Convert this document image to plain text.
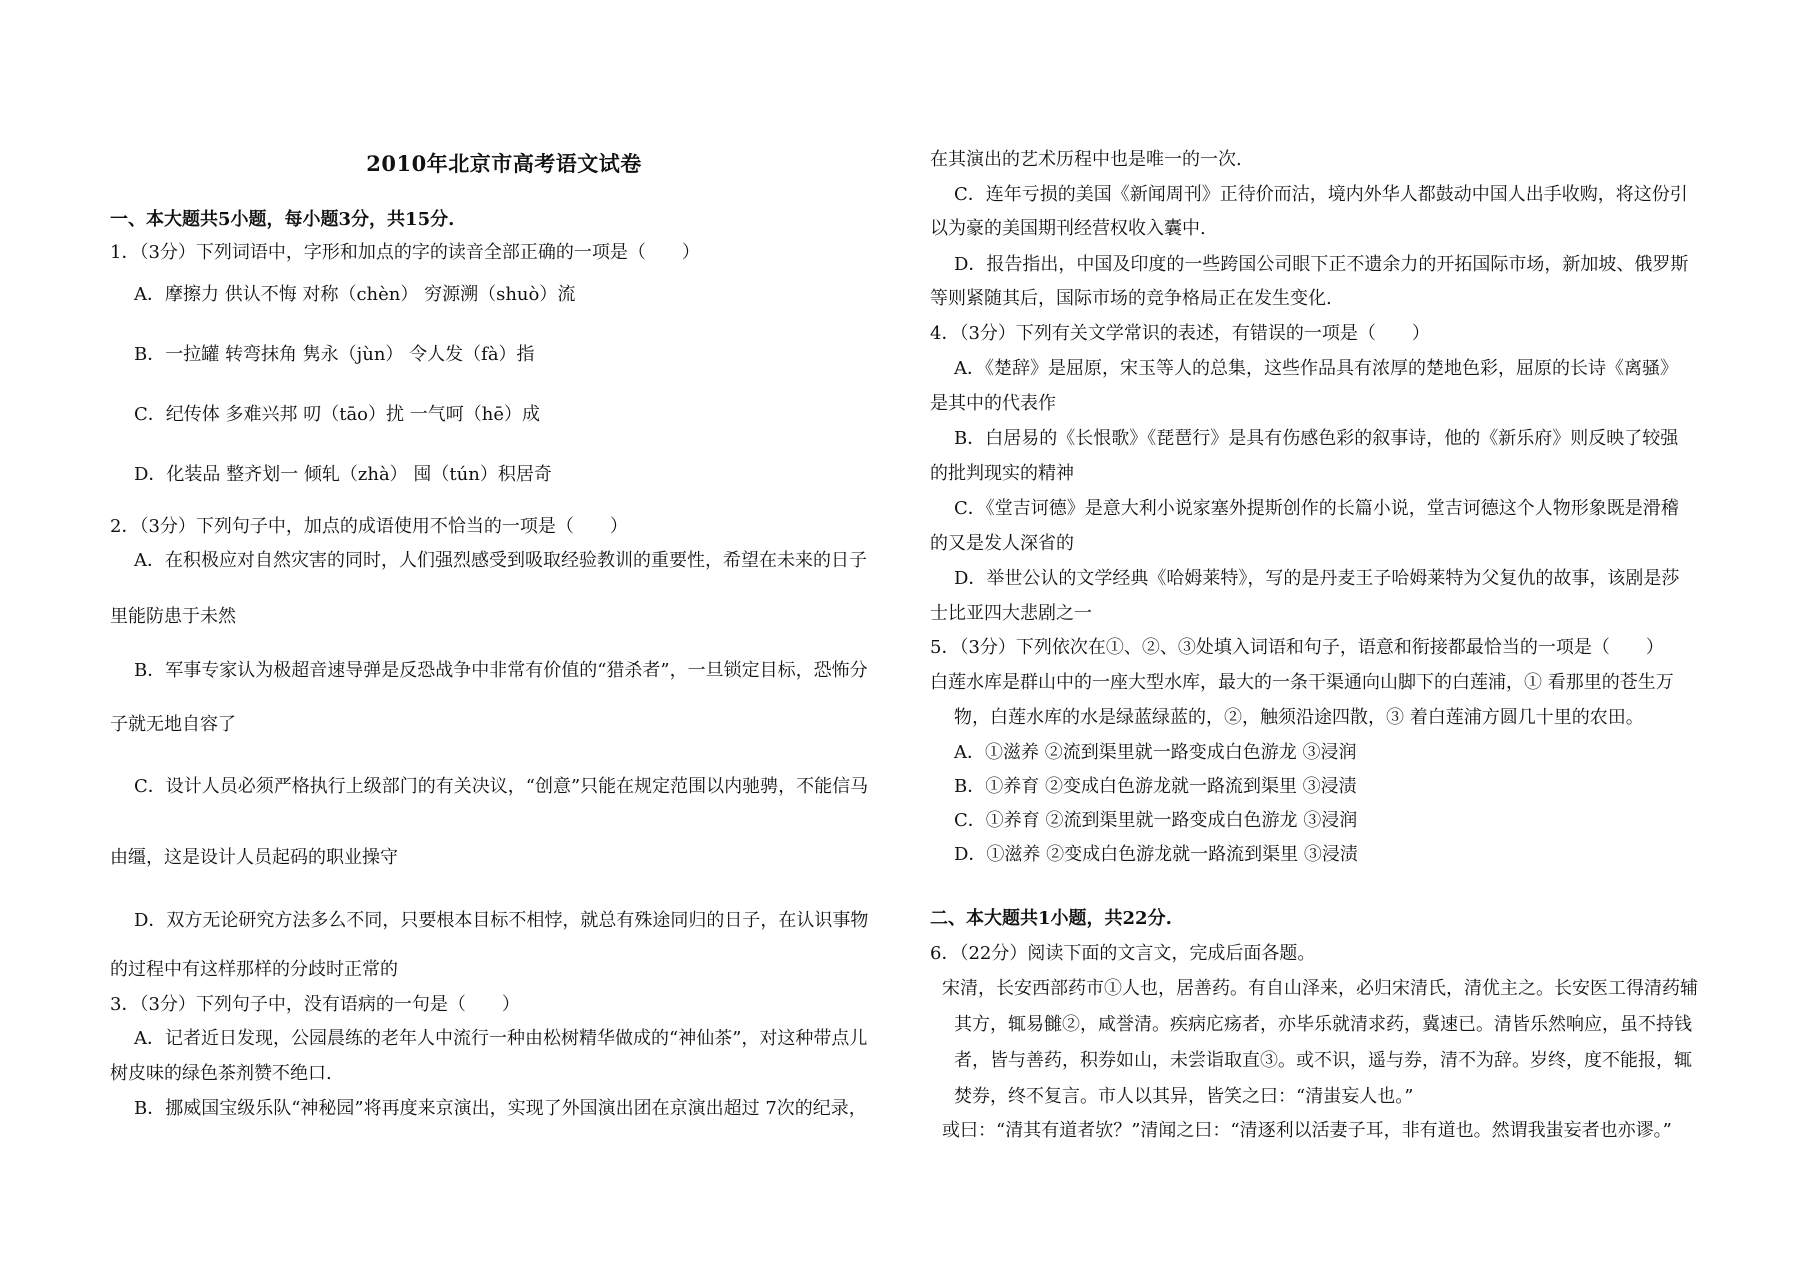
2010年北京市高考语文试卷
一、本大题共5小题，每小题3分，共15分.
1．（3分）下列词语中，字形和加点的字的读音全部正确的一项是（　　）
A．摩擦力 供认不悔 对称（chèn） 穷源溯（shuò）流
B．一拉罐 转弯抹角 隽永（jùn） 令人发（fà）指
C．纪传体 多难兴邦 叨（tāo）扰 一气呵（hē）成
D．化装品 整齐划一 倾轧（zhà） 囤（tún）积居奇
2．（3分）下列句子中，加点的成语使用不恰当的一项是（　　）
A．在积极应对自然灾害的同时，人们强烈感受到吸取经验教训的重要性，希望在未来的日子
里能防患于未然
B．军事专家认为极超音速导弹是反恐战争中非常有价值的“猎杀者”，一旦锁定目标，恐怖分
子就无地自容了
C．设计人员必须严格执行上级部门的有关决议，“创意”只能在规定范围以内驰骋，不能信马
由缰，这是设计人员起码的职业操守
D．双方无论研究方法多么不同，只要根本目标不相悖，就总有殊途同归的日子，在认识事物
的过程中有这样那样的分歧时正常的
3．（3分）下列句子中，没有语病的一句是（　　）
A．记者近日发现，公园晨练的老年人中流行一种由松树精华做成的“神仙茶”，对这种带点儿
树皮味的绿色茶剂赞不绝口.
B．挪威国宝级乐队“神秘园”将再度来京演出，实现了外国演出团在京演出超过 7次的纪录，
在其演出的艺术历程中也是唯一的一次.
C．连年亏损的美国《新闻周刊》正待价而沽，境内外华人都鼓动中国人出手收购，将这份引
以为豪的美国期刊经营权收入囊中.
D．报告指出，中国及印度的一些跨国公司眼下正不遗余力的开拓国际市场，新加坡、俄罗斯
等则紧随其后，国际市场的竞争格局正在发生变化.
4．（3分）下列有关文学常识的表述，有错误的一项是（　　）
A．《楚辞》是屈原，宋玉等人的总集，这些作品具有浓厚的楚地色彩，屈原的长诗《离骚》
是其中的代表作
B．白居易的《长恨歌》《琵琶行》是具有伤感色彩的叙事诗，他的《新乐府》则反映了较强
的批判现实的精神
C．《堂吉诃德》是意大利小说家塞外提斯创作的长篇小说，堂吉诃德这个人物形象既是滑稽
的又是发人深省的
D．举世公认的文学经典《哈姆莱特》，写的是丹麦王子哈姆莱特为父复仇的故事，该剧是莎
士比亚四大悲剧之一
5．（3分）下列依次在①、②、③处填入词语和句子，语意和衔接都最恰当的一项是（　　）
白莲水库是群山中的一座大型水库，最大的一条干渠通向山脚下的白莲浦，① 看那里的苍生万
物，白莲水库的水是绿蓝绿蓝的，②，触须沿途四散，③ 着白莲浦方圆几十里的农田。
A．①滋养 ②流到渠里就一路变成白色游龙 ③浸润
B．①养育 ②变成白色游龙就一路流到渠里 ③浸渍
C．①养育 ②流到渠里就一路变成白色游龙 ③浸润
D．①滋养 ②变成白色游龙就一路流到渠里 ③浸渍
二、本大题共1小题，共22分.
6．（22分）阅读下面的文言文，完成后面各题。
宋清，长安西部药市①人也，居善药。有自山泽来，必归宋清氏，清优主之。长安医工得清药辅
其方，辄易雠②，咸誉清。疾病庀疡者，亦毕乐就清求药，冀速已。清皆乐然响应，虽不持钱
者，皆与善药，积券如山，未尝诣取直③。或不识，遥与券，清不为辞。岁终，度不能报，辄
焚券，终不复言。市人以其异，皆笑之曰：“清蚩妄人也。”
或曰：“清其有道者欤？”清闻之曰：“清逐利以活妻子耳，非有道也。然谓我蚩妄者也亦谬。”
